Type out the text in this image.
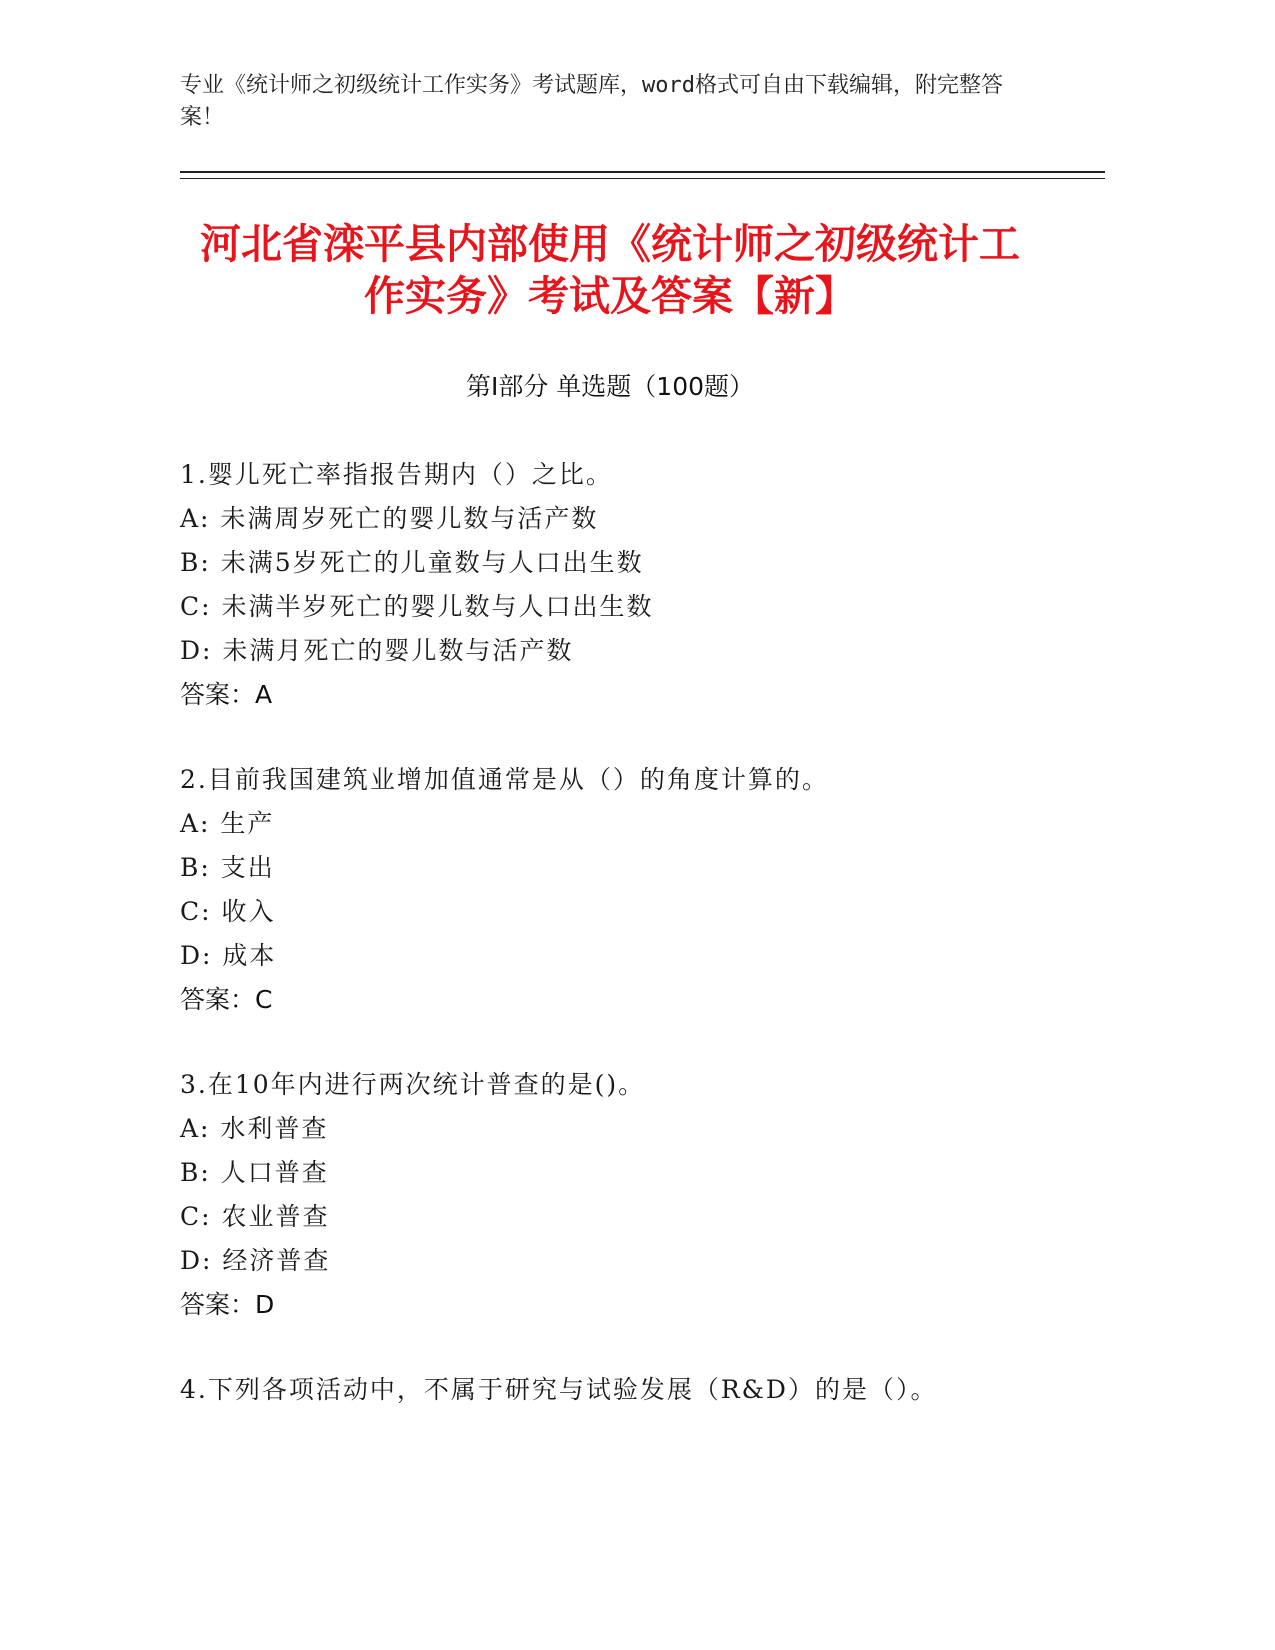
专业《统计师之初级统计工作实务》考试题库，word格式可自由下载编辑，附完整答案！
河北省滦平县内部使用《统计师之初级统计工作实务》考试及答案【新】
第Ⅰ部分 单选题（100题）
1.婴儿死亡率指报告期内（）之比。
A: 未满周岁死亡的婴儿数与活产数
B: 未满5岁死亡的儿童数与人口出生数
C: 未满半岁死亡的婴儿数与人口出生数
D: 未满月死亡的婴儿数与活产数
答案：A
2.目前我国建筑业增加值通常是从（）的角度计算的。
A: 生产
B: 支出
C: 收入
D: 成本
答案：C
3.在10年内进行两次统计普查的是()。
A: 水利普查
B: 人口普查
C: 农业普查
D: 经济普查
答案：D
4.下列各项活动中，不属于研究与试验发展（R&D）的是（）。
